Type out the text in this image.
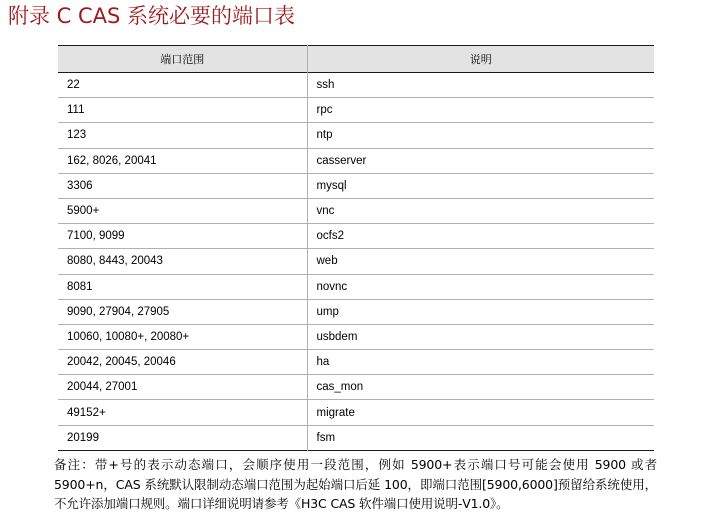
附录 C CAS 系统必要的端口表
端口范围	说明
22	ssh
111	rpc
123	ntp
162, 8026, 20041	casserver
3306	mysql
5900+	vnc
7100, 9099	ocfs2
8080, 8443, 20043	web
8081	novnc
9090, 27904, 27905	ump
10060, 10080+, 20080+	usbdem
20042, 20045, 20046	ha
20044, 27001	cas_mon
49152+	migrate
20199	fsm
备注：带+号的表示动态端口，会顺序使用一段范围，例如 5900+表示端口号可能会使用 5900 或者 5900+n，CAS 系统默认限制动态端口范围为起始端口后延 100，即端口范围[5900,6000]预留给系统使用，不允许添加端口规则。端口详细说明请参考《H3C CAS 软件端口使用说明-V1.0》。
